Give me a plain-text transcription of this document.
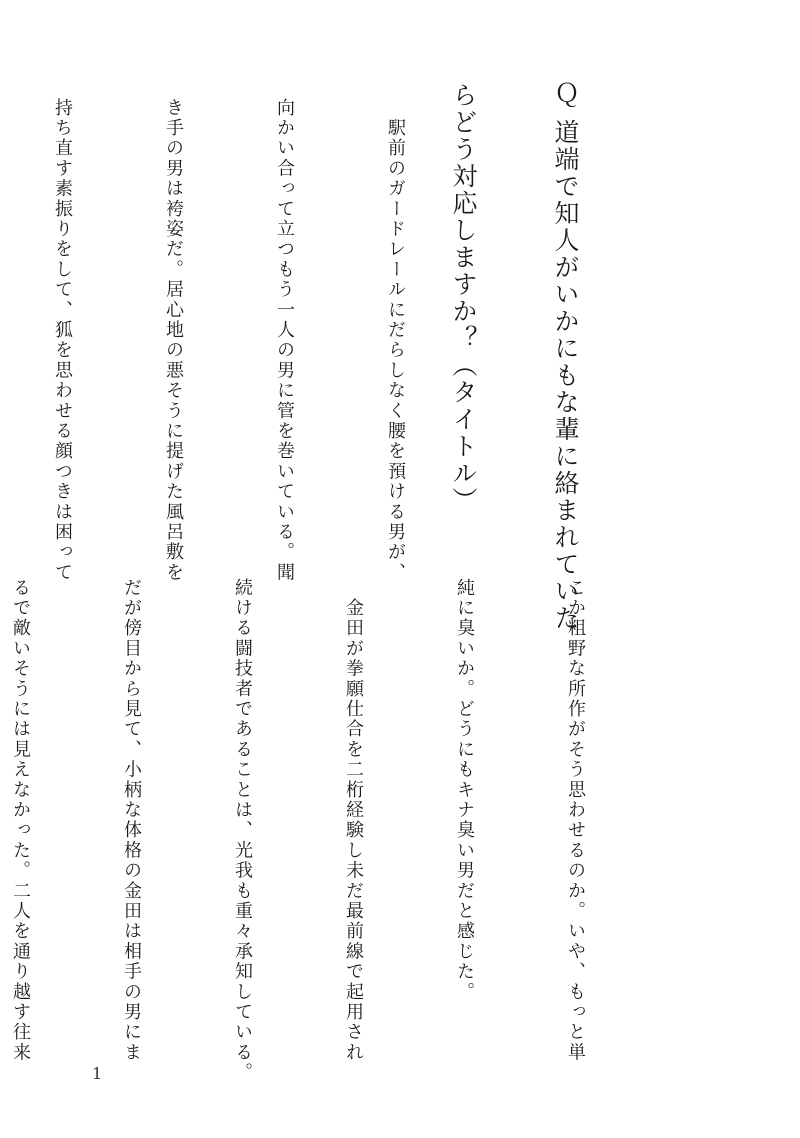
Ｑ 道端で知人がいかにもな輩に絡まれていた

らどう対応しますか？（タイトル）

　駅前のガードレールにだらしなく腰を預ける男が、

向かい合って立つもう一人の男に管を巻いている。聞

き手の男は袴姿だ。居心地の悪そうに提げた風呂敷を

持ち直す素振りをして、狐を思わせる顔つきは困って

こか粗野な所作がそう思わせるのか。いや、もっと単

純に臭いか。どうにもキナ臭い男だと感じた。

　金田が拳願仕合を二桁経験し未だ最前線で起用され

続ける闘技者であることは、光我も重々承知している。

だが傍目から見て、小柄な体格の金田は相手の男にま

るで敵いそうには見えなかった。二人を通り越す往来

1
